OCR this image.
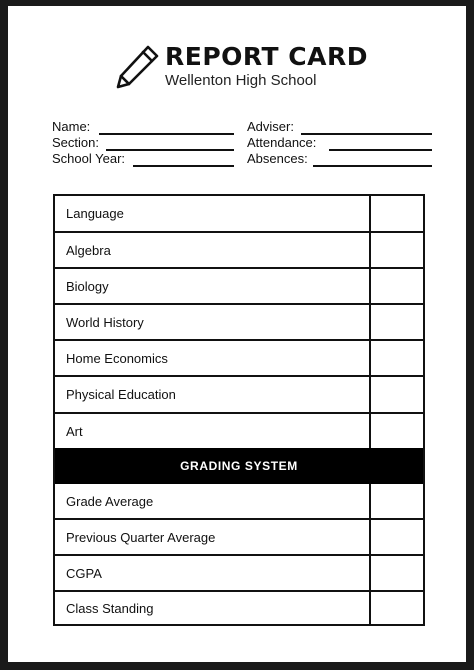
REPORT CARD
Wellenton High School
Name:	Adviser:
Section:	Attendance:
School Year:	Absences:
Language
Algebra
Biology
World History
Home Economics
Physical Education
Art
GRADING SYSTEM
Grade Average
Previous Quarter Average
CGPA
Class Standing
